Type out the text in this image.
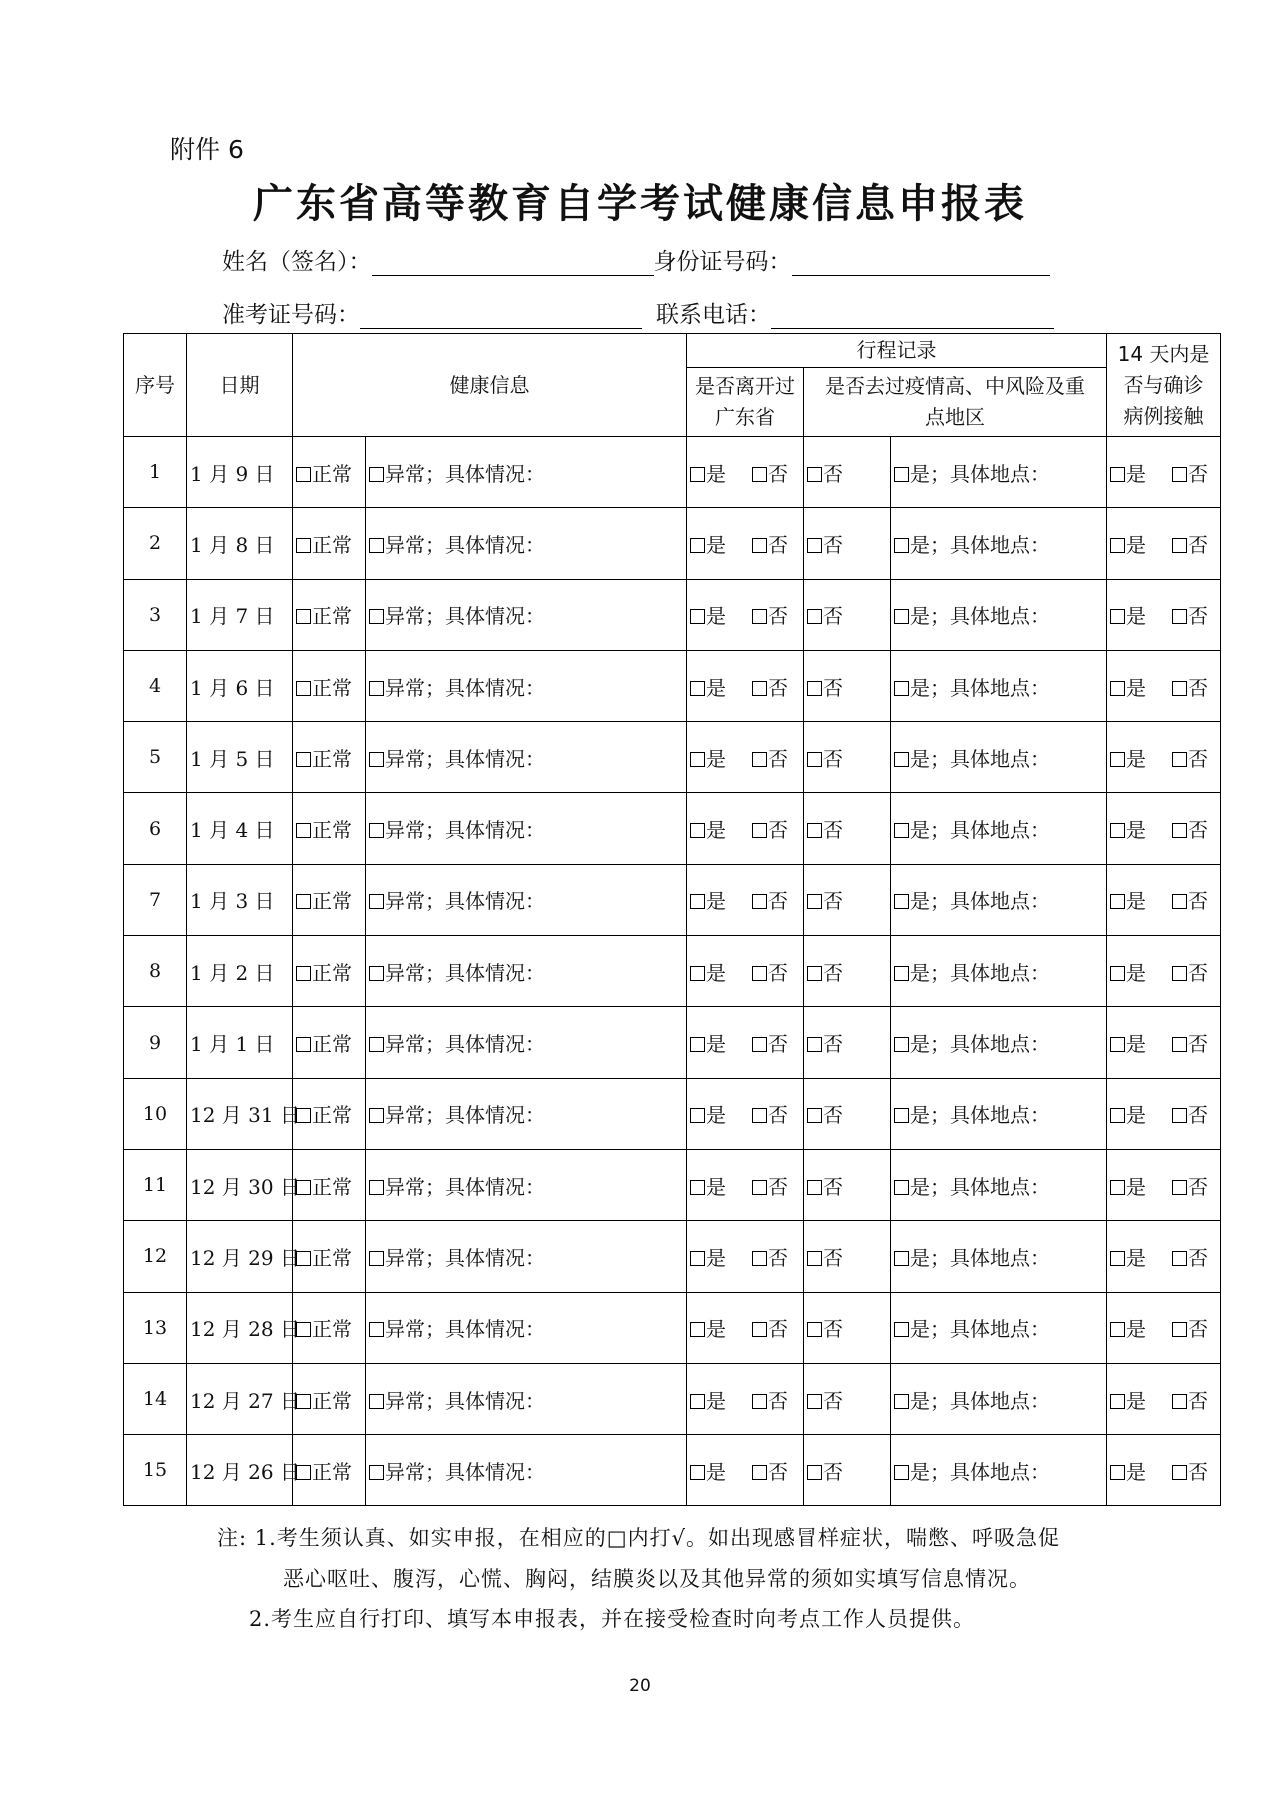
附件 6
广东省高等教育自学考试健康信息申报表
姓名（签名）：	身份证号码：
准考证号码：	联系电话：
序号	日期	健康信息		行程记录			14 天内是否与确诊病例接触
				是否离开过广东省	是否去过疫情高、中风险及重点地区		
1	1 月 9 日	正常	异常；具体情况：	是 否	否	是；具体地点：	是 否
2	1 月 8 日	正常	异常；具体情况：	是 否	否	是；具体地点：	是 否
3	1 月 7 日	正常	异常；具体情况：	是 否	否	是；具体地点：	是 否
4	1 月 6 日	正常	异常；具体情况：	是 否	否	是；具体地点：	是 否
5	1 月 5 日	正常	异常；具体情况：	是 否	否	是；具体地点：	是 否
6	1 月 4 日	正常	异常；具体情况：	是 否	否	是；具体地点：	是 否
7	1 月 3 日	正常	异常；具体情况：	是 否	否	是；具体地点：	是 否
8	1 月 2 日	正常	异常；具体情况：	是 否	否	是；具体地点：	是 否
9	1 月 1 日	正常	异常；具体情况：	是 否	否	是；具体地点：	是 否
10	12 月 31 日	正常	异常；具体情况：	是 否	否	是；具体地点：	是 否
11	12 月 30 日	正常	异常；具体情况：	是 否	否	是；具体地点：	是 否
12	12 月 29 日	正常	异常；具体情况：	是 否	否	是；具体地点：	是 否
13	12 月 28 日	正常	异常；具体情况：	是 否	否	是；具体地点：	是 否
14	12 月 27 日	正常	异常；具体情况：	是 否	否	是；具体地点：	是 否
15	12 月 26 日	正常	异常；具体情况：	是 否	否	是；具体地点：	是 否
注: 1.考生须认真、如实申报，在相应的□内打√。如出现感冒样症状，喘憋、呼吸急促
恶心呕吐、腹泻，心慌、胸闷，结膜炎以及其他异常的须如实填写信息情况。
2.考生应自行打印、填写本申报表，并在接受检查时向考点工作人员提供。
20
